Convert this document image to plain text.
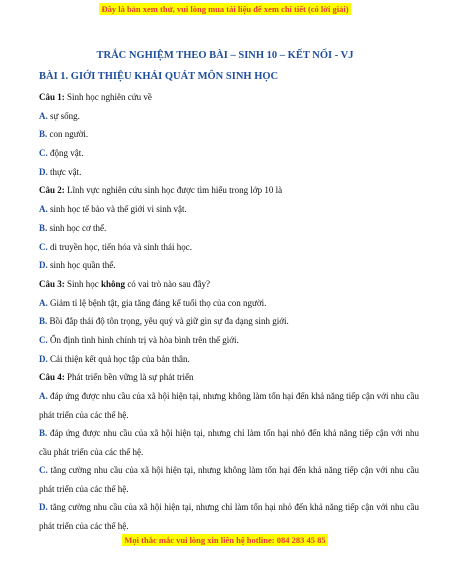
Đây là bản xem thử, vui lòng mua tài liệu để xem chi tiết (có lời giải)
TRẮC NGHIỆM THEO BÀI – SINH 10 – KẾT NỐI - VJ
BÀI 1. GIỚI THIỆU KHÁI QUÁT MÔN SINH HỌC
Câu 1: Sinh học nghiên cứu về
A. sự sống.
B. con người.
C. động vật.
D. thực vật.
Câu 2: Lĩnh vực nghiên cứu sinh học được tìm hiểu trong lớp 10 là
A. sinh học tế bào và thế giới vi sinh vật.
B. sinh học cơ thể.
C. di truyền học, tiến hóa và sinh thái học.
D. sinh học quần thể.
Câu 3: Sinh học không có vai trò nào sau đây?
A. Giảm tỉ lệ bệnh tật, gia tăng đáng kể tuổi thọ của con người.
B. Bồi đắp thái độ tôn trọng, yêu quý và giữ gìn sự đa dạng sinh giới.
C. Ổn định tình hình chính trị và hòa bình trên thế giới.
D. Cải thiện kết quả học tập của bản thân.
Câu 4: Phát triển bền vững là sự phát triển
A. đáp ứng được nhu cầu của xã hội hiện tại, nhưng không làm tổn hại đến khả năng tiếp cận với nhu cầu phát triển của các thế hệ.
B. đáp ứng được nhu cầu của xã hội hiện tại, nhưng chỉ làm tổn hại nhỏ đến khả năng tiếp cận với nhu cầu phát triển của các thế hệ.
C. tăng cường nhu cầu của xã hội hiện tại, nhưng không làm tổn hại đến khả năng tiếp cận với nhu cầu phát triển của các thế hệ.
D. tăng cường nhu cầu của xã hội hiện tại, nhưng chỉ làm tổn hại nhỏ đến khả năng tiếp cận với nhu cầu phát triển của các thế hệ.
Mọi thắc mắc vui lòng xin liên hệ hotline: 084 283 45 85
